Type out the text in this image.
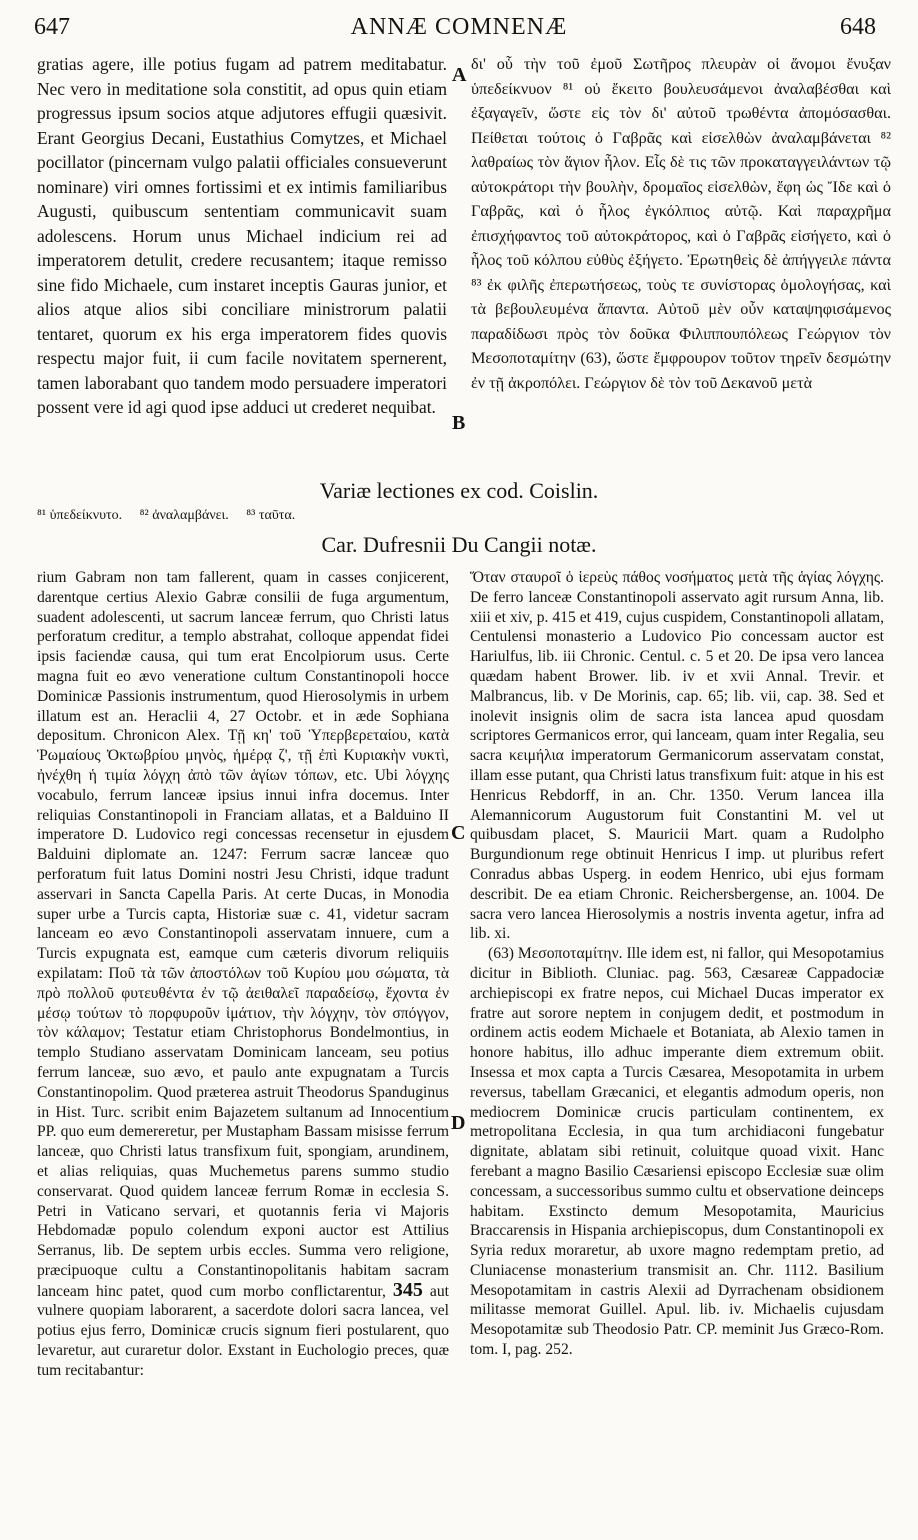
647	ANNÆ COMNENÆ	648

gratias agere, ille potius fugam ad patrem meditabatur. Nec vero in meditatione sola constitit, ad opus quin etiam progressus ipsum socios atque adjutores effugii quæsivit. Erant Georgius Decani, Eustathius Comytzes, et Michael pocillator (pincernam vulgo palatii officiales consueverunt nominare) viri omnes fortissimi et ex intimis familiaribus Augusti, quibuscum sententiam communicavit suam adolescens. Horum unus Michael indicium rei ad imperatorem detulit, credere recusantem; itaque remisso sine fido Michaele, cum instaret inceptis Gauras junior, et alios atque alios sibi conciliare ministrorum palatii tentaret, quorum ex his erga imperatorem fides quovis respectu major fuit, ii cum facile novitatem spernerent, tamen laborabant quo tandem modo persuadere imperatori possent vere id agi quod ipse adduci ut crederet nequibat.

A
B

δι' οὗ τὴν τοῦ ἐμοῦ Σωτῆρος πλευρὰν οἱ ἄνομοι ἔνυξαν ὑπεδείκνυον ⁸¹ οὐ ἔκειτο βουλευσάμενοι ἀναλαβέσθαι καὶ ἐξαγαγεῖν, ὥστε εἰς τὸν δι' αὐτοῦ τρωθέντα ἀπομόσασθαι. Πείθεται τούτοις ὁ Γαβρᾶς καὶ εἰσελθὼν ἀναλαμβάνεται ⁸² λαθραίως τὸν ἅγιον ἧλον. Εἷς δὲ τις τῶν προκαταγγειλάντων τῷ αὐτοκράτορι τὴν βουλὴν, δρομαῖος εἰσελθὼν, ἔφη ὡς Ἴδε καὶ ὁ Γαβρᾶς, καὶ ὁ ἧλος ἐγκόλπιος αὐτῷ. Καὶ παραχρῆμα ἐπισχήφαντος τοῦ αὐτοκράτορος, καὶ ὁ Γαβρᾶς εἰσήγετο, καὶ ὁ ἧλος τοῦ κόλπου εὐθὺς ἐξήγετο. Ἐρωτηθεὶς δὲ ἀπήγγειλε πάντα ⁸³ ἐκ φιλῆς ἐπερωτήσεως, τοὺς τε συνίστορας ὁμολογήσας, καὶ τὰ βεβουλευμένα ἅπαντα. Αὐτοῦ μὲν οὖν καταψηφισάμενος παραδίδωσι πρὸς τὸν δοῦκα Φιλιππουπόλεως Γεώργιον τὸν Μεσοποταμίτην (63), ὥστε ἔμφρουρον τοῦτον τηρεῖν δεσμώτην ἐν τῇ ἀκροπόλει. Γεώργιον δὲ τὸν τοῦ Δεκανοῦ μετὰ

Variæ lectiones ex cod. Coislin.
⁸¹ ὑπεδείκνυτο. ⁸² ἀναλαμβάνει. ⁸³ ταῦτα.
Car. Dufresnii Du Cangii notæ.

rium Gabram non tam fallerent, quam in casses conjicerent, darentque certius Alexio Gabræ consilii de fuga argumentum, suadent adolescenti, ut sacrum lanceæ ferrum, quo Christi latus perforatum creditur, a templo abstrahat, colloque appendat fidei ipsis faciendæ causa, qui tum erat Encolpiorum usus. Certe magna fuit eo ævo veneratione cultum Constantinopoli hocce Dominicæ Passionis instrumentum, quod Hierosolymis in urbem illatum est an. Heraclii 4, 27 Octobr. et in æde Sophiana depositum. Chronicon Alex. Τῇ κη' τοῦ Ὑπερβερεταίου, κατὰ Ῥωμαίους Ὀκτωβρίου μηνὸς, ἡμέρᾳ ζ', τῇ ἐπὶ Κυριακὴν νυκτὶ, ἠνέχθη ἡ τιμία λόγχη ἀπὸ τῶν ἁγίων τόπων, etc. Ubi λόγχης vocabulo, ferrum lanceæ ipsius innui infra docemus. Inter reliquias Constantinopoli in Franciam allatas, et a Balduino II imperatore D. Ludovico regi concessas recensetur in ejusdem Balduini diplomate an. 1247: Ferrum sacræ lanceæ quo perforatum fuit latus Domini nostri Jesu Christi, idque tradunt asservari in Sancta Capella Paris. At certe Ducas, in Monodia super urbe a Turcis capta, Historiæ suæ c. 41, videtur sacram lanceam eo ævo Constantinopoli asservatam innuere, cum a Turcis expugnata est, eamque cum cæteris divorum reliquiis expilatam: Ποῦ τὰ τῶν ἀποστόλων τοῦ Κυρίου μου σώματα, τὰ πρὸ πολλοῦ φυτευθέντα ἐν τῷ ἀειθαλεῖ παραδείσῳ, ἔχοντα ἐν μέσῳ τούτων τὸ πορφυροῦν ἱμάτιον, τὴν λόγχην, τὸν σπόγγον, τὸν κάλαμον; Testatur etiam Christophorus Bondelmontius, in templo Studiano asservatam Dominicam lanceam, seu potius ferrum lanceæ, suo ævo, et paulo ante expugnatam a Turcis Constantinopolim. Quod præterea astruit Theodorus Spanduginus in Hist. Turc. scribit enim Bajazetem sultanum ad Innocentium PP. quo eum demereretur, per Mustapham Bassam misisse ferrum lanceæ, quo Christi latus transfixum fuit, spongiam, arundinem, et alias reliquias, quas Muchemetus parens summo studio conservarat. Quod quidem lanceæ ferrum Romæ in ecclesia S. Petri in Vaticano servari, et quotannis feria vi Majoris Hebdomadæ populo colendum exponi auctor est Attilius Serranus, lib. De septem urbis eccles. Summa vero religione, præcipuoque cultu a Constantinopolitanis habitam sacram lanceam hinc patet, quod cum morbo conflictarentur, 345 aut vulnere quopiam laborarent, a sacerdote dolori sacra lancea, vel potius ejus ferro, Dominicæ crucis signum fieri postularent, quo levaretur, aut curaretur dolor. Exstant in Euchologio preces, quæ tum recitabantur:

C
D

Ὅταν σταυροῖ ὁ ἱερεὺς πάθος νοσήματος μετὰ τῆς ἁγίας λόγχης. De ferro lanceæ Constantinopoli asservato agit rursum Anna, lib. xiii et xiv, p. 415 et 419, cujus cuspidem, Constantinopoli allatam, Centulensi monasterio a Ludovico Pio concessam auctor est Hariulfus, lib. iii Chronic. Centul. c. 5 et 20. De ipsa vero lancea quædam habent Brower. lib. iv et xvii Annal. Trevir. et Malbrancus, lib. v De Morinis, cap. 65; lib. vii, cap. 38. Sed et inolevit insignis olim de sacra ista lancea apud quosdam scriptores Germanicos error, qui lanceam, quam inter Regalia, seu sacra κειμήλια imperatorum Germanicorum asservatam constat, illam esse putant, qua Christi latus transfixum fuit: atque in his est Henricus Rebdorff, in an. Chr. 1350. Verum lancea illa Alemannicorum Augustorum fuit Constantini M. vel ut quibusdam placet, S. Mauricii Mart. quam a Rudolpho Burgundionum rege obtinuit Henricus I imp. ut pluribus refert Conradus abbas Usperg. in eodem Henrico, ubi ejus formam describit. De ea etiam Chronic. Reichersbergense, an. 1004. De sacra vero lancea Hierosolymis a nostris inventa agetur, infra ad lib. xi.

(63) Μεσοποταμίτην. Ille idem est, ni fallor, qui Mesopotamius dicitur in Biblioth. Cluniac. pag. 563, Cæsareæ Cappadociæ archiepiscopi ex fratre nepos, cui Michael Ducas imperator ex fratre aut sorore neptem in conjugem dedit, et postmodum in ordinem actis eodem Michaele et Botaniata, ab Alexio tamen in honore habitus, illo adhuc imperante diem extremum obiit. Insessa et mox capta a Turcis Cæsarea, Mesopotamita in urbem reversus, tabellam Græcanici, et elegantis admodum operis, non mediocrem Dominicæ crucis particulam continentem, ex metropolitana Ecclesia, in qua tum archidiaconi fungebatur dignitate, ablatam sibi retinuit, coluitque quoad vixit. Hanc ferebant a magno Basilio Cæsariensi episcopo Ecclesiæ suæ olim concessam, a successoribus summo cultu et observatione deinceps habitam. Exstincto demum Mesopotamita, Mauricius Braccarensis in Hispania archiepiscopus, dum Constantinopoli ex Syria redux moraretur, ab uxore magno redemptam pretio, ad Cluniacense monasterium transmisit an. Chr. 1112. Basilium Mesopotamitam in castris Alexii ad Dyrrachenam obsidionem militasse memorat Guillel. Apul. lib. iv. Michaelis cujusdam Mesopotamitæ sub Theodosio Patr. CP. meminit Jus Græco-Rom. tom. I, pag. 252.
